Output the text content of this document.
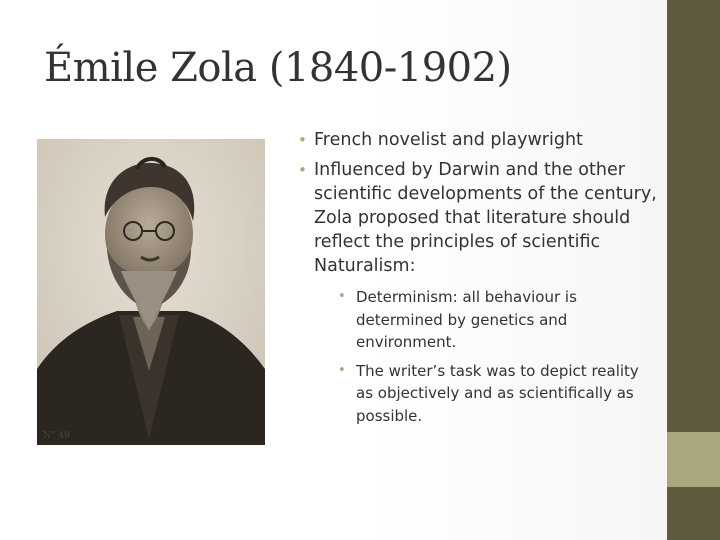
Émile Zola (1840-1902)
N° 49
• French novelist and playwright
• Influenced by Darwin and the other scientific developments of the century, Zola proposed that literature should reflect the principles of scientific Naturalism:
• Determinism: all behaviour is determined by genetics and environment.
• The writer’s task was to depict reality as objectively and as scientifically as possible.
